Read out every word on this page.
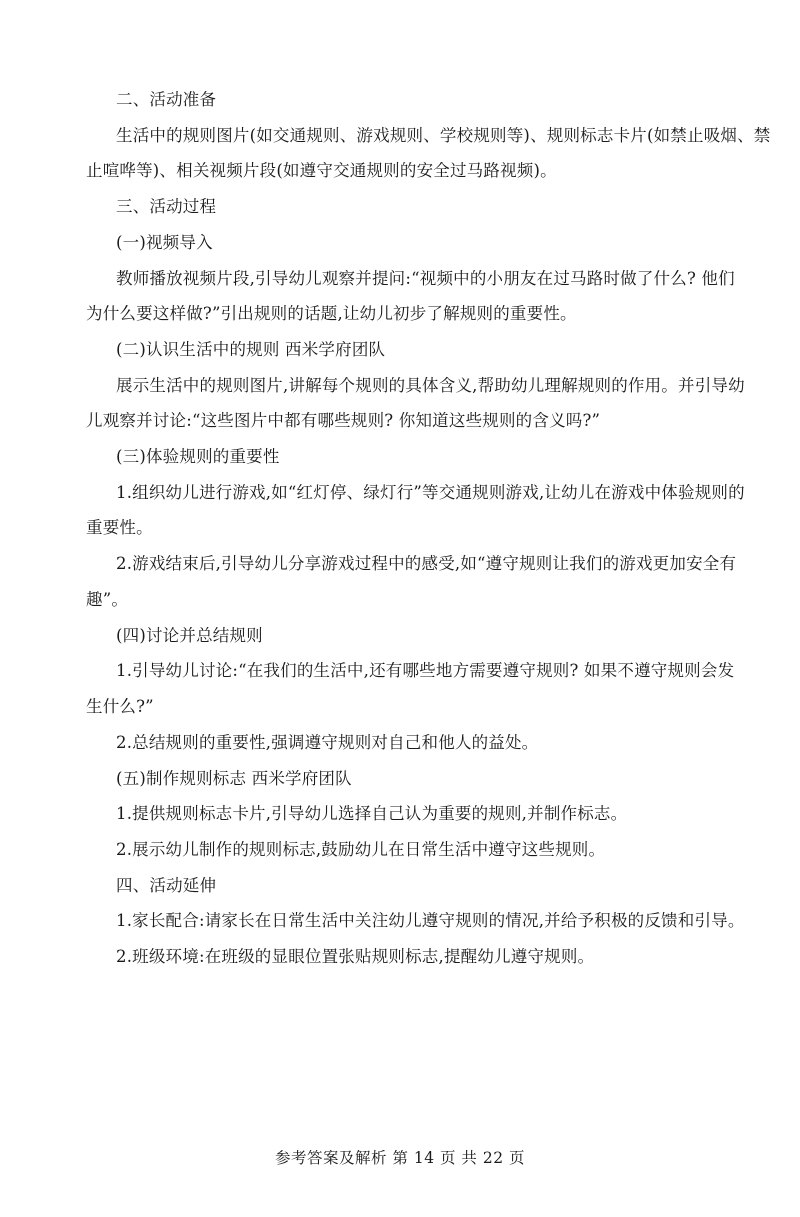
二、活动准备
生活中的规则图片(如交通规则、游戏规则、学校规则等)、规则标志卡片(如禁止吸烟、禁
止喧哗等)、相关视频片段(如遵守交通规则的安全过马路视频)。
三、活动过程
(一)视频导入
教师播放视频片段,引导幼儿观察并提问:“视频中的小朋友在过马路时做了什么? 他们
为什么要这样做?”引出规则的话题,让幼儿初步了解规则的重要性。
(二)认识生活中的规则 西米学府团队
展示生活中的规则图片,讲解每个规则的具体含义,帮助幼儿理解规则的作用。并引导幼
儿观察并讨论:“这些图片中都有哪些规则? 你知道这些规则的含义吗?”
(三)体验规则的重要性
1.组织幼儿进行游戏,如“红灯停、绿灯行”等交通规则游戏,让幼儿在游戏中体验规则的
重要性。
2.游戏结束后,引导幼儿分享游戏过程中的感受,如“遵守规则让我们的游戏更加安全有
趣”。
(四)讨论并总结规则
1.引导幼儿讨论:“在我们的生活中,还有哪些地方需要遵守规则? 如果不遵守规则会发
生什么?”
2.总结规则的重要性,强调遵守规则对自己和他人的益处。
(五)制作规则标志 西米学府团队
1.提供规则标志卡片,引导幼儿选择自己认为重要的规则,并制作标志。
2.展示幼儿制作的规则标志,鼓励幼儿在日常生活中遵守这些规则。
四、活动延伸
1.家长配合:请家长在日常生活中关注幼儿遵守规则的情况,并给予积极的反馈和引导。
2.班级环境:在班级的显眼位置张贴规则标志,提醒幼儿遵守规则。
参考答案及解析 第 14 页 共 22 页
